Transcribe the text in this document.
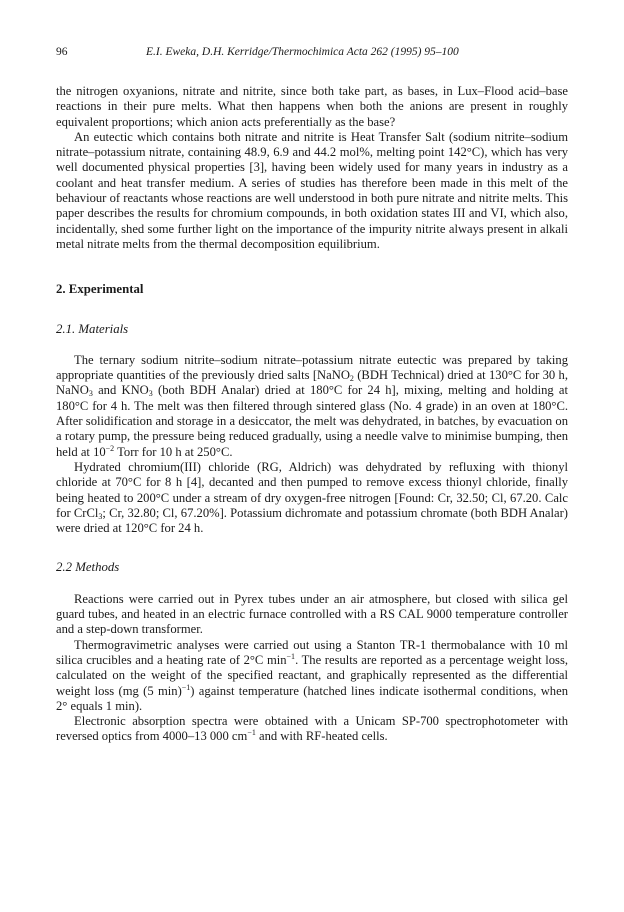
96	E.I. Eweka, D.H. Kerridge/Thermochimica Acta 262 (1995) 95–100

the nitrogen oxyanions, nitrate and nitrite, since both take part, as bases, in Lux–Flood acid–base reactions in their pure melts. What then happens when both the anions are present in roughly equivalent proportions; which anion acts preferentially as the base?

An eutectic which contains both nitrate and nitrite is Heat Transfer Salt (sodium nitrite–sodium nitrate–potassium nitrate, containing 48.9, 6.9 and 44.2 mol%, melting point 142°C), which has very well documented physical properties [3], having been widely used for many years in industry as a coolant and heat transfer medium. A series of studies has therefore been made in this melt of the behaviour of reactants whose reactions are well understood in both pure nitrate and nitrite melts. This paper describes the results for chromium compounds, in both oxidation states III and VI, which also, incidentally, shed some further light on the importance of the impurity nitrite always present in alkali metal nitrate melts from the thermal decomposition equilibrium.

2. Experimental
2.1. Materials

The ternary sodium nitrite–sodium nitrate–potassium nitrate eutectic was prepared by taking appropriate quantities of the previously dried salts [NaNO$_2$ (BDH Technical) dried at 130°C for 30 h, NaNO$_3$ and $KNO_3$ (both BDH Analar) dried at 180°C for 24 h], mixing, melting and holding at 180°C for 4 h. The melt was then filtered through sintered glass (No. 4 grade) in an oven at 180°C. After solidification and storage in a desiccator, the melt was dehydrated, in batches, by evacuation on a rotary pump, the pressure being reduced gradually, using a needle valve to minimise bumping, then held at $10^{-2}$ Torr for 10 h at 250°C.

Hydrated chromium(III) chloride (RG, Aldrich) was dehydrated by refluxing with thionyl chloride at 70°C for 8 h [4], decanted and then pumped to remove excess thionyl chloride, finally being heated to 200°C under a stream of dry oxygen-free nitrogen [Found: Cr, 32.50; Cl, 67.20. Calc for CrCl$_3$; Cr, 32.80; Cl, 67.20%]. Potassium dichromate and potassium chromate (both BDH Analar) were dried at 120°C for 24 h.

2.2 Methods

Reactions were carried out in Pyrex tubes under an air atmosphere, but closed with silica gel guard tubes, and heated in an electric furnace controlled with a RS CAL 9000 temperature controller and a step-down transformer.

Thermogravimetric analyses were carried out using a Stanton TR-1 thermobalance with 10 ml silica crucibles and a heating rate of 2°C $\min^{-1}$. The results are reported as a percentage weight loss, calculated on the weight of the specified reactant, and graphically represented as the differential weight loss (mg (5 min)$^{-1}$) against temperature (hatched lines indicate isothermal conditions, when 2° equals 1 min).

Electronic absorption spectra were obtained with a Unicam SP-700 spectrophotometer with reversed optics from 4000–13 000 $cm^{-1}$ and with RF-heated cells.
